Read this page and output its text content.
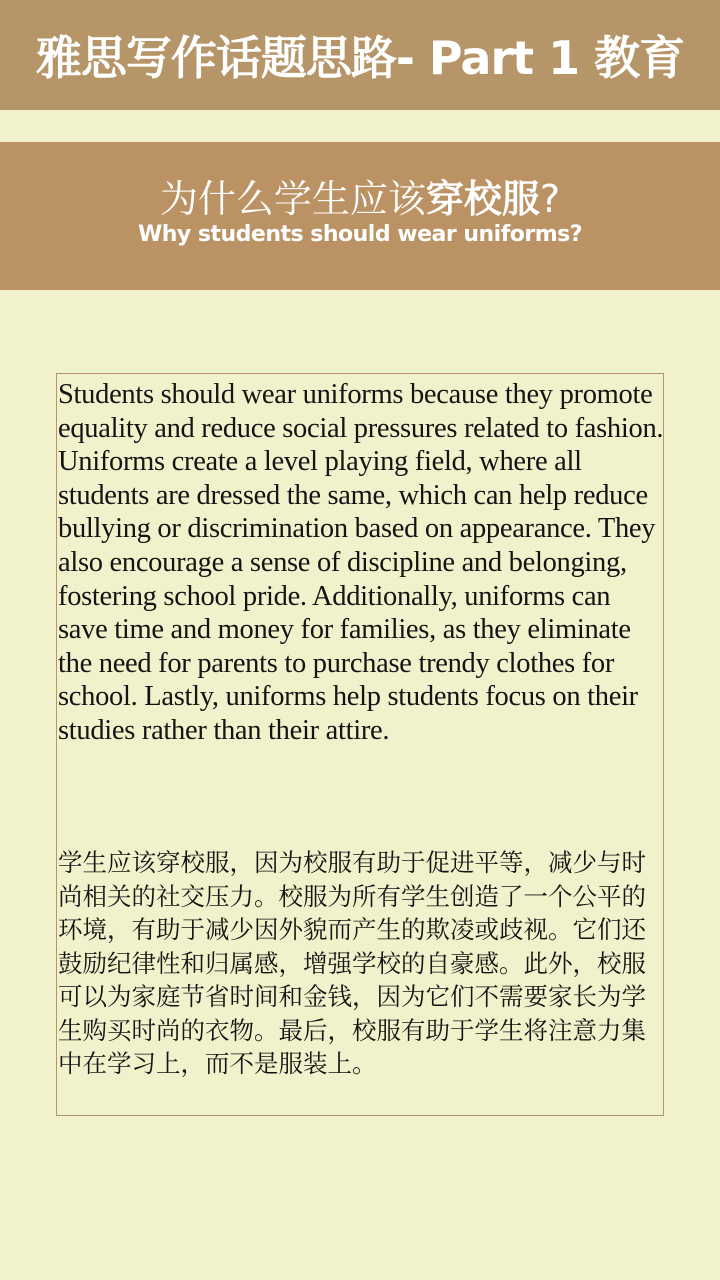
雅思写作话题思路- Part 1 教育
为什么学生应该穿校服?
Why students should wear uniforms?

Students should wear uniforms because they promote equality and reduce social pressures related to fashion. Uniforms create a level playing field, where all students are dressed the same, which can help reduce bullying or discrimination based on appearance. They also encourage a sense of discipline and belonging, fostering school pride. Additionally, uniforms can save time and money for families, as they eliminate the need for parents to purchase trendy clothes for school. Lastly, uniforms help students focus on their studies rather than their attire.

学生应该穿校服，因为校服有助于促进平等，减少与时尚相关的社交压力。校服为所有学生创造了一个公平的环境，有助于减少因外貌而产生的欺凌或歧视。它们还鼓励纪律性和归属感，增强学校的自豪感。此外，校服可以为家庭节省时间和金钱，因为它们不需要家长为学生购买时尚的衣物。最后，校服有助于学生将注意力集中在学习上，而不是服装上。
